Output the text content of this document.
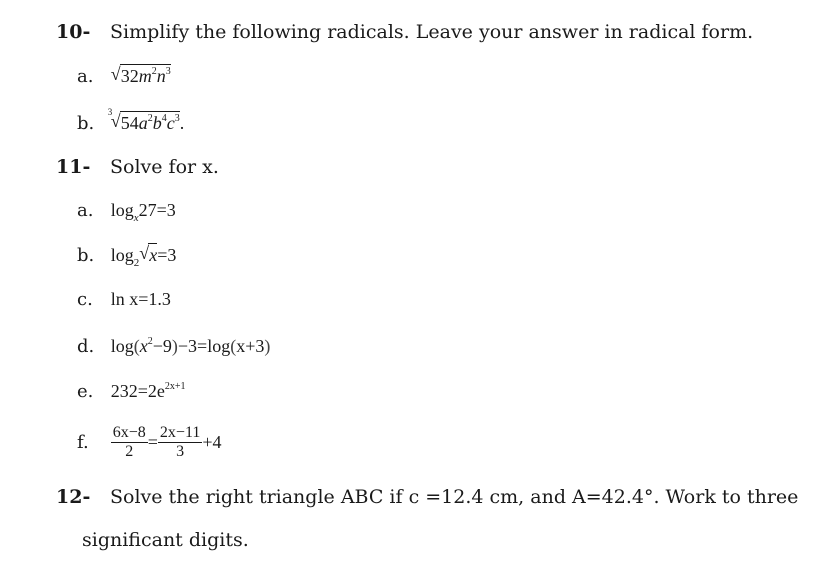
10- Simplify the following radicals. Leave your answer in radical form.
a. √ $32m^2n^3$
b.
3
√ $54a^2b^4c^3$.
11- Solve for x.
a. $\log_x27=3$
b. $\log_2$ √ x=3
c. ln x=1.3
d. $\log(x^2-9)-3=\log(x+3)$
e. $232=2e^{2x+1}$
f. $\frac{6x-8}{2} = \frac{2x-11}{3} +4$
12- Solve the right triangle ABC if c =12.4 cm, and A=42.4°. Work to three
significant digits.
